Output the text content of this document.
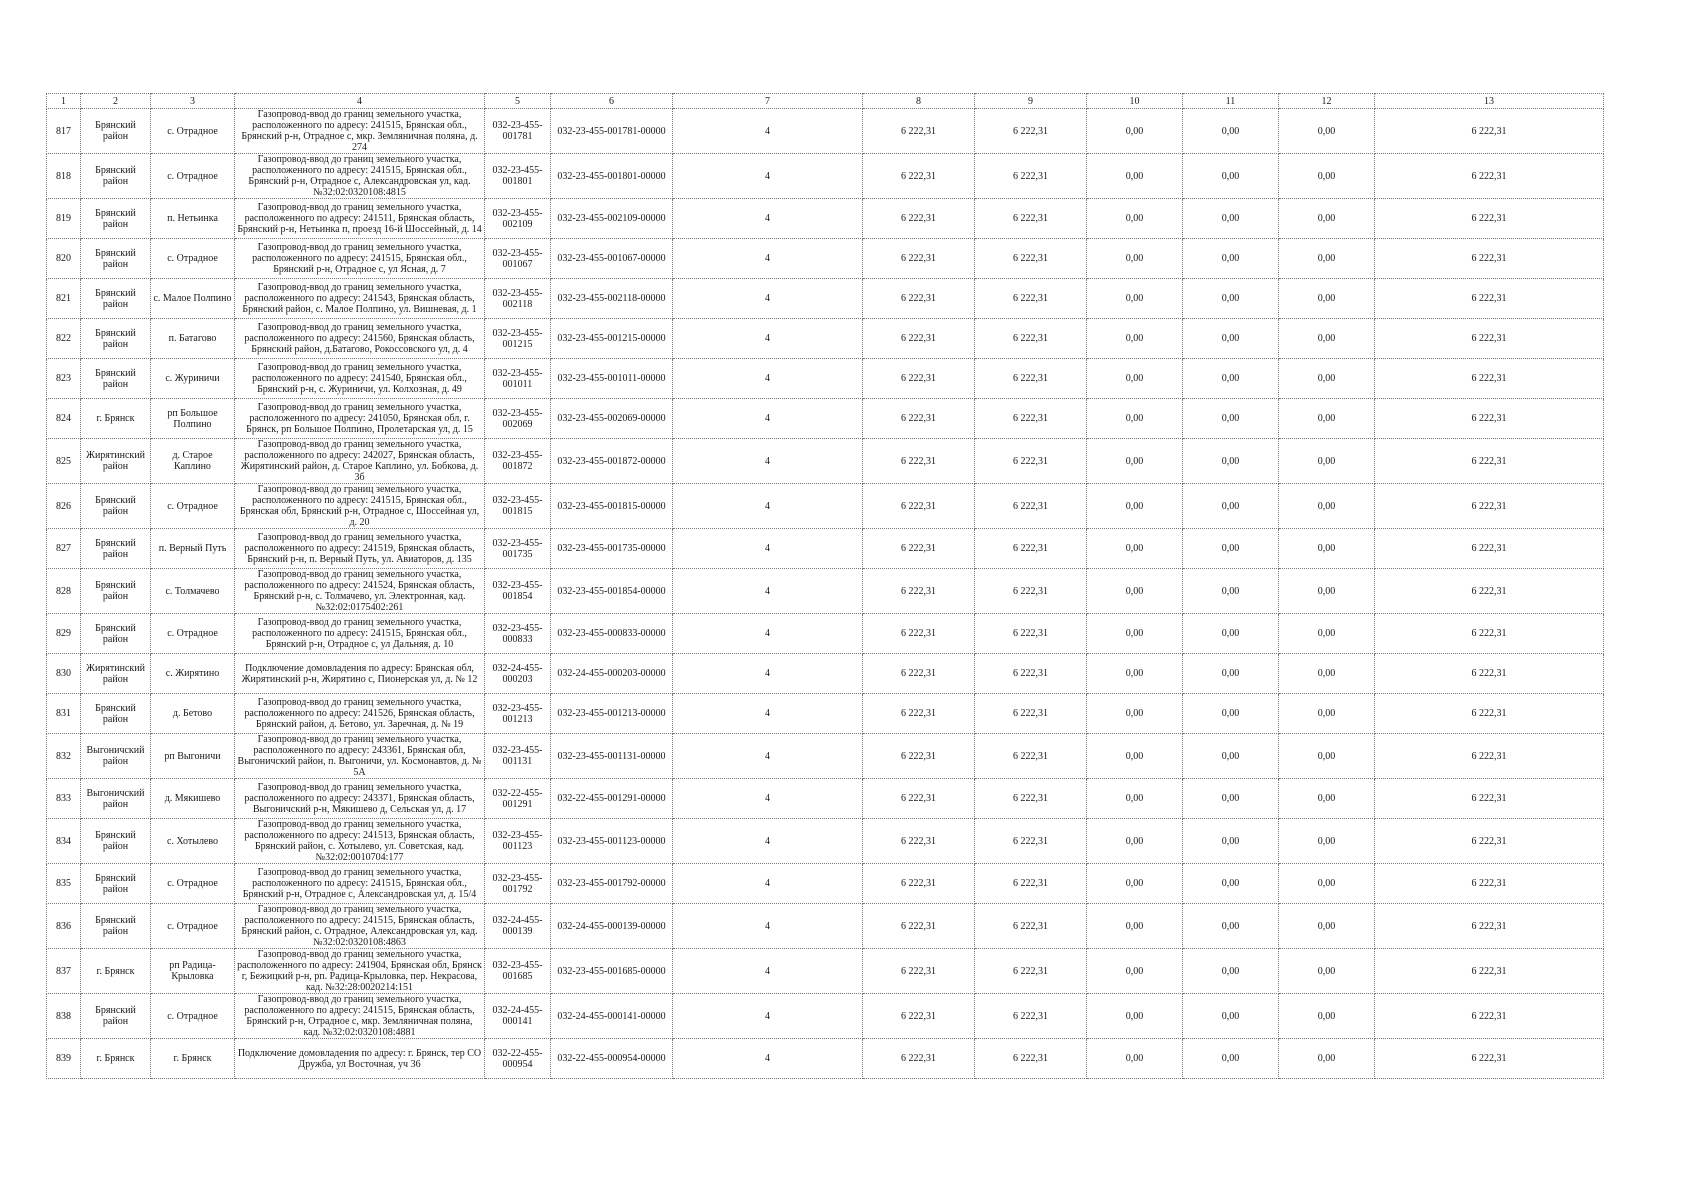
1	2	3	4	5	6	7	8	9	10	11	12	13
817	Брянский район	с. Отрадное	Газопровод-ввод до границ земельного участка, расположенного по адресу: 241515, Брянская обл., Брянский р-н, Отрадное с, мкр. Земляничная поляна, д. 274	032-23-455-001781	032-23-455-001781-00000	4	6 222,31	6 222,31	0,00	0,00	0,00	6 222,31
818	Брянский район	с. Отрадное	Газопровод-ввод до границ земельного участка, расположенного по адресу: 241515, Брянская обл., Брянский р-н, Отрадное с, Александровская ул, кад. №32:02:0320108:4815	032-23-455-001801	032-23-455-001801-00000	4	6 222,31	6 222,31	0,00	0,00	0,00	6 222,31
819	Брянский район	п. Нетьинка	Газопровод-ввод до границ земельного участка, расположенного по адресу: 241511, Брянская область, Брянский р-н, Нетьинка п, проезд 16-й Шоссейный, д. 14	032-23-455-002109	032-23-455-002109-00000	4	6 222,31	6 222,31	0,00	0,00	0,00	6 222,31
820	Брянский район	с. Отрадное	Газопровод-ввод до границ земельного участка, расположенного по адресу: 241515, Брянская обл., Брянский р-н, Отрадное с, ул Ясная, д. 7	032-23-455-001067	032-23-455-001067-00000	4	6 222,31	6 222,31	0,00	0,00	0,00	6 222,31
821	Брянский район	с. Малое Полпино	Газопровод-ввод до границ земельного участка, расположенного по адресу: 241543, Брянская область, Брянский район, с. Малое Полпино, ул. Вишневая, д. 1	032-23-455-002118	032-23-455-002118-00000	4	6 222,31	6 222,31	0,00	0,00	0,00	6 222,31
822	Брянский район	п. Батагово	Газопровод-ввод до границ земельного участка, расположенного по адресу: 241560, Брянская область, Брянский район, д.Батагово, Рокоссовского ул, д. 4	032-23-455-001215	032-23-455-001215-00000	4	6 222,31	6 222,31	0,00	0,00	0,00	6 222,31
823	Брянский район	с. Журиничи	Газопровод-ввод до границ земельного участка, расположенного по адресу: 241540, Брянская обл., Брянский р-н, с. Журиничи, ул. Колхозная, д. 49	032-23-455-001011	032-23-455-001011-00000	4	6 222,31	6 222,31	0,00	0,00	0,00	6 222,31
824	г. Брянск	рп Большое Полпино	Газопровод-ввод до границ земельного участка, расположенного по адресу: 241050, Брянская обл, г. Брянск, рп Большое Полпино, Пролетарская ул, д. 15	032-23-455-002069	032-23-455-002069-00000	4	6 222,31	6 222,31	0,00	0,00	0,00	6 222,31
825	Жирятинский район	д. Старое Каплино	Газопровод-ввод до границ земельного участка, расположенного по адресу: 242027, Брянская область, Жирятинский район, д. Старое Каплино, ул. Бобкова, д. 3б	032-23-455-001872	032-23-455-001872-00000	4	6 222,31	6 222,31	0,00	0,00	0,00	6 222,31
826	Брянский район	с. Отрадное	Газопровод-ввод до границ земельного участка, расположенного по адресу: 241515, Брянская обл., Брянская обл, Брянский р-н, Отрадное с, Шоссейная ул, д. 20	032-23-455-001815	032-23-455-001815-00000	4	6 222,31	6 222,31	0,00	0,00	0,00	6 222,31
827	Брянский район	п. Верный Путь	Газопровод-ввод до границ земельного участка, расположенного по адресу: 241519, Брянская область, Брянский р-н, п. Верный Путь, ул. Авиаторов, д. 135	032-23-455-001735	032-23-455-001735-00000	4	6 222,31	6 222,31	0,00	0,00	0,00	6 222,31
828	Брянский район	с. Толмачево	Газопровод-ввод до границ земельного участка, расположенного по адресу: 241524, Брянская область, Брянский р-н, с. Толмачево, ул. Электронная, кад. №32:02:0175402:261	032-23-455-001854	032-23-455-001854-00000	4	6 222,31	6 222,31	0,00	0,00	0,00	6 222,31
829	Брянский район	с. Отрадное	Газопровод-ввод до границ земельного участка, расположенного по адресу: 241515, Брянская обл., Брянский р-н, Отрадное с, ул Дальняя, д. 10	032-23-455-000833	032-23-455-000833-00000	4	6 222,31	6 222,31	0,00	0,00	0,00	6 222,31
830	Жирятинский район	с. Жирятино	Подключение домовладения по адресу: Брянская обл, Жирятинский р-н, Жирятино с, Пионерская ул, д. № 12	032-24-455-000203	032-24-455-000203-00000	4	6 222,31	6 222,31	0,00	0,00	0,00	6 222,31
831	Брянский район	д. Бетово	Газопровод-ввод до границ земельного участка, расположенного по адресу: 241526, Брянская область, Брянский район, д. Бетово, ул. Заречная, д. № 19	032-23-455-001213	032-23-455-001213-00000	4	6 222,31	6 222,31	0,00	0,00	0,00	6 222,31
832	Выгоничский район	рп Выгоничи	Газопровод-ввод до границ земельного участка, расположенного по адресу: 243361, Брянская обл, Выгоничский район, п. Выгоничи, ул. Космонавтов, д. № 5А	032-23-455-001131	032-23-455-001131-00000	4	6 222,31	6 222,31	0,00	0,00	0,00	6 222,31
833	Выгоничский район	д. Мякишево	Газопровод-ввод до границ земельного участка, расположенного по адресу: 243371, Брянская область, Выгоничский р-н, Мякишево д, Сельская ул, д. 17	032-22-455-001291	032-22-455-001291-00000	4	6 222,31	6 222,31	0,00	0,00	0,00	6 222,31
834	Брянский район	с. Хотылево	Газопровод-ввод до границ земельного участка, расположенного по адресу: 241513, Брянская область, Брянский район, с. Хотылево, ул. Советская, кад. №32:02:0010704:177	032-23-455-001123	032-23-455-001123-00000	4	6 222,31	6 222,31	0,00	0,00	0,00	6 222,31
835	Брянский район	с. Отрадное	Газопровод-ввод до границ земельного участка, расположенного по адресу: 241515, Брянская обл., Брянский р-н, Отрадное с, Александровская ул, д. 15/4	032-23-455-001792	032-23-455-001792-00000	4	6 222,31	6 222,31	0,00	0,00	0,00	6 222,31
836	Брянский район	с. Отрадное	Газопровод-ввод до границ земельного участка, расположенного по адресу: 241515, Брянская область, Брянский район, с. Отрадное, Александровская ул, кад. №32:02:0320108:4863	032-24-455-000139	032-24-455-000139-00000	4	6 222,31	6 222,31	0,00	0,00	0,00	6 222,31
837	г. Брянск	рп Радица-Крыловка	Газопровод-ввод до границ земельного участка, расположенного по адресу: 241904, Брянская обл, Брянск г, Бежицкий р-н, рп. Радица-Крыловка, пер. Некрасова, кад. №32:28:0020214:151	032-23-455-001685	032-23-455-001685-00000	4	6 222,31	6 222,31	0,00	0,00	0,00	6 222,31
838	Брянский район	с. Отрадное	Газопровод-ввод до границ земельного участка, расположенного по адресу: 241515, Брянская область, Брянский р-н, Отрадное с, мкр. Земляничная поляна, кад. №32:02:0320108:4881	032-24-455-000141	032-24-455-000141-00000	4	6 222,31	6 222,31	0,00	0,00	0,00	6 222,31
839	г. Брянск	г. Брянск	Подключение домовладения по адресу: г. Брянск, тер СО Дружба, ул Восточная, уч 36	032-22-455-000954	032-22-455-000954-00000	4	6 222,31	6 222,31	0,00	0,00	0,00	6 222,31
